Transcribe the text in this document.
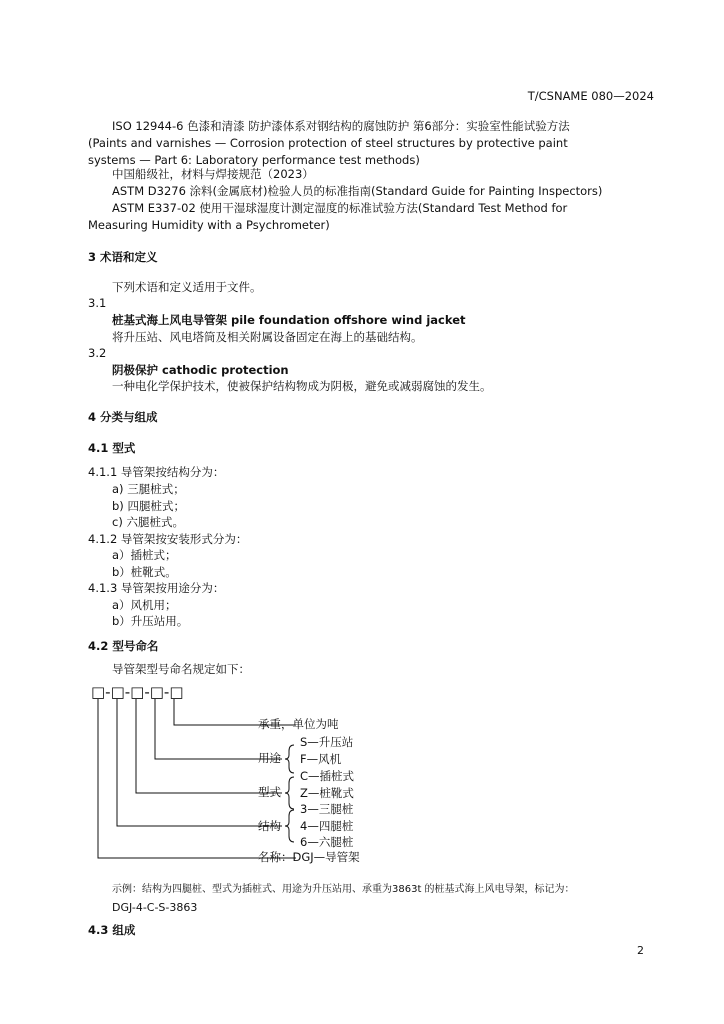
T/CSNAME 080—2024
ISO 12944-6 色漆和清漆 防护漆体系对钢结构的腐蚀防护 第6部分：实验室性能试验方法
(Paints and varnishes — Corrosion protection of steel structures by protective paint
systems — Part 6: Laboratory performance test methods)
中国船级社，材料与焊接规范（2023）
ASTM D3276 涂料(金属底材)检验人员的标准指南(Standard Guide for Painting Inspectors)
ASTM E337-02 使用干湿球湿度计测定湿度的标准试验方法(Standard Test Method for
Measuring Humidity with a Psychrometer)
3 术语和定义
下列术语和定义适用于文件。
3.1
桩基式海上风电导管架 pile foundation offshore wind jacket
将升压站、风电塔筒及相关附属设备固定在海上的基础结构。
3.2
阴极保护 cathodic protection
一种电化学保护技术，使被保护结构物成为阴极，避免或减弱腐蚀的发生。
4 分类与组成
4.1 型式
4.1.1 导管架按结构分为：
a) 三腿桩式；
b) 四腿桩式；
c) 六腿桩式。
4.1.2 导管架按安装形式分为：
a）插桩式；
b）桩靴式。
4.1.3 导管架按用途分为：
a）风机用；
b）升压站用。
4.2 型号命名
导管架型号命名规定如下：
□-□-□-□-□
承重，单位为吨
用途
S—升压站
F—风机
型式
C—插桩式
Z—桩靴式
结构
3—三腿桩
4—四腿桩
6—六腿桩
名称：DGJ—导管架
示例：结构为四腿桩、型式为插桩式、用途为升压站用、承重为3863t 的桩基式海上风电导架，标记为：
DGJ-4-C-S-3863
4.3 组成
2
